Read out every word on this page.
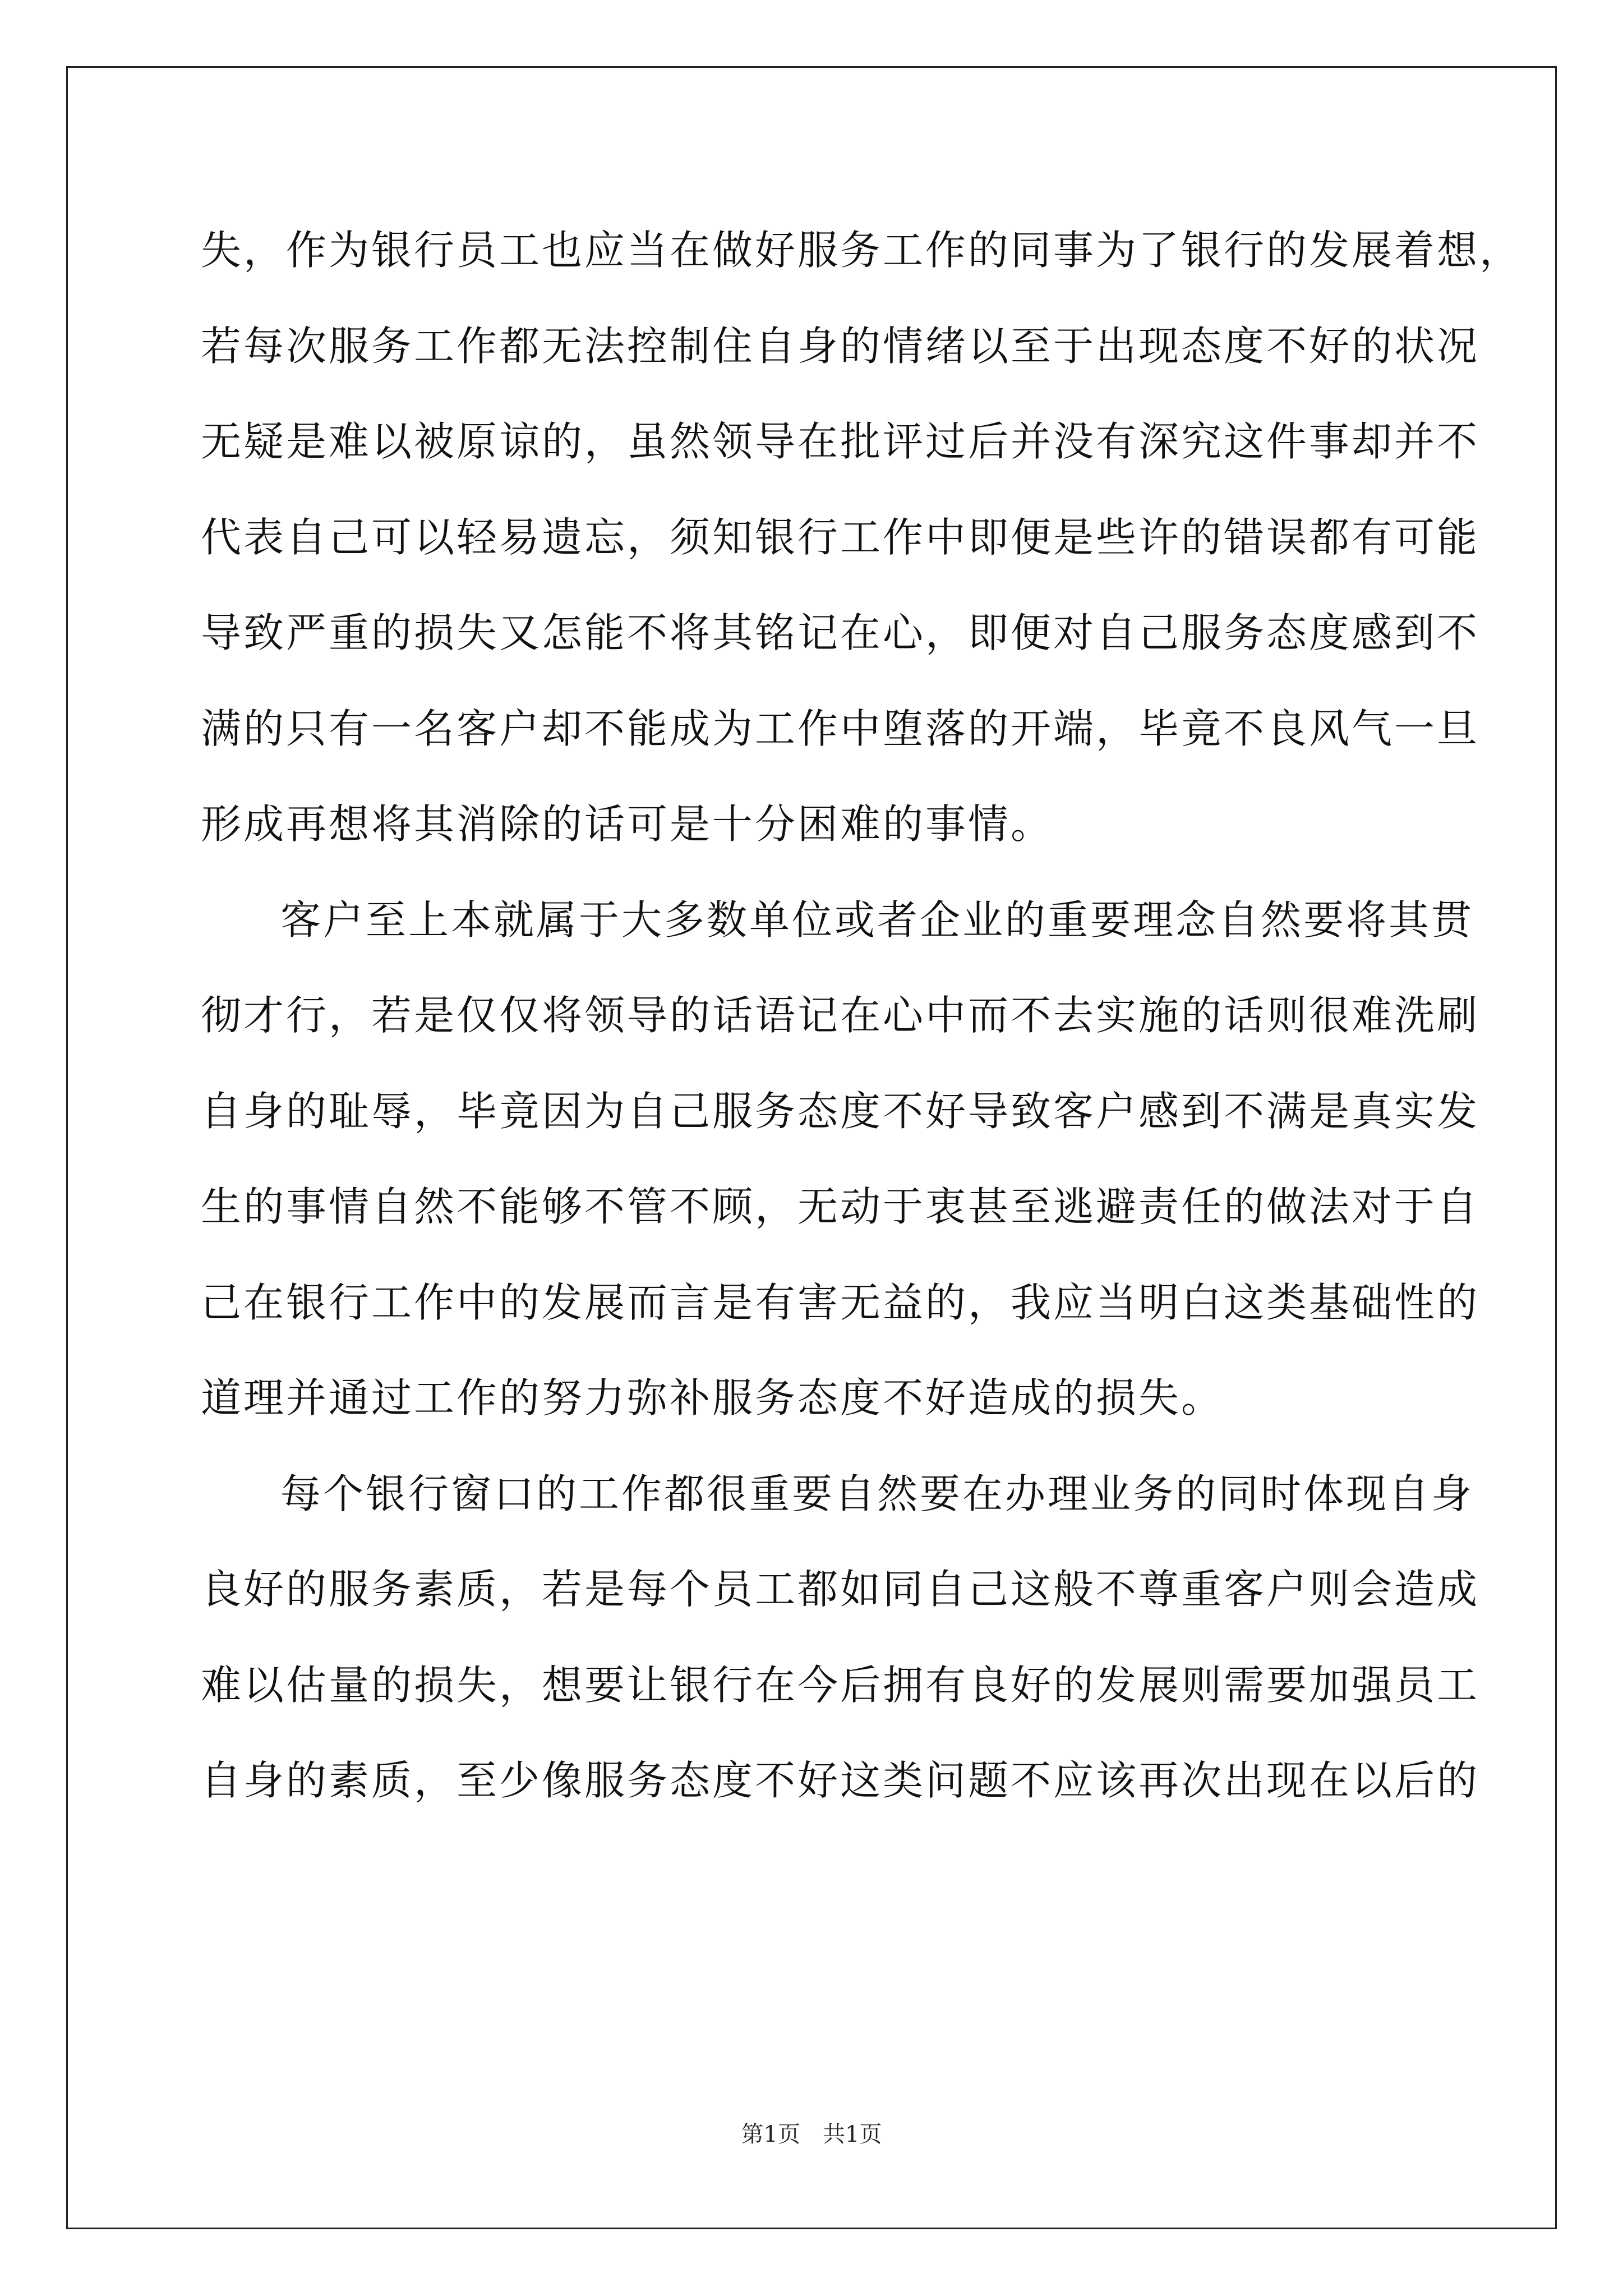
失，作为银行员工也应当在做好服务工作的同事为了银行的发展着想，
若每次服务工作都无法控制住自身的情绪以至于出现态度不好的状况
无疑是难以被原谅的，虽然领导在批评过后并没有深究这件事却并不
代表自己可以轻易遗忘，须知银行工作中即便是些许的错误都有可能
导致严重的损失又怎能不将其铭记在心，即便对自己服务态度感到不
满的只有一名客户却不能成为工作中堕落的开端，毕竟不良风气一旦
形成再想将其消除的话可是十分困难的事情。
客户至上本就属于大多数单位或者企业的重要理念自然要将其贯
彻才行，若是仅仅将领导的话语记在心中而不去实施的话则很难洗刷
自身的耻辱，毕竟因为自己服务态度不好导致客户感到不满是真实发
生的事情自然不能够不管不顾，无动于衷甚至逃避责任的做法对于自
己在银行工作中的发展而言是有害无益的，我应当明白这类基础性的
道理并通过工作的努力弥补服务态度不好造成的损失。
每个银行窗口的工作都很重要自然要在办理业务的同时体现自身
良好的服务素质，若是每个员工都如同自己这般不尊重客户则会造成
难以估量的损失，想要让银行在今后拥有良好的发展则需要加强员工
自身的素质，至少像服务态度不好这类问题不应该再次出现在以后的
第1页　共1页
